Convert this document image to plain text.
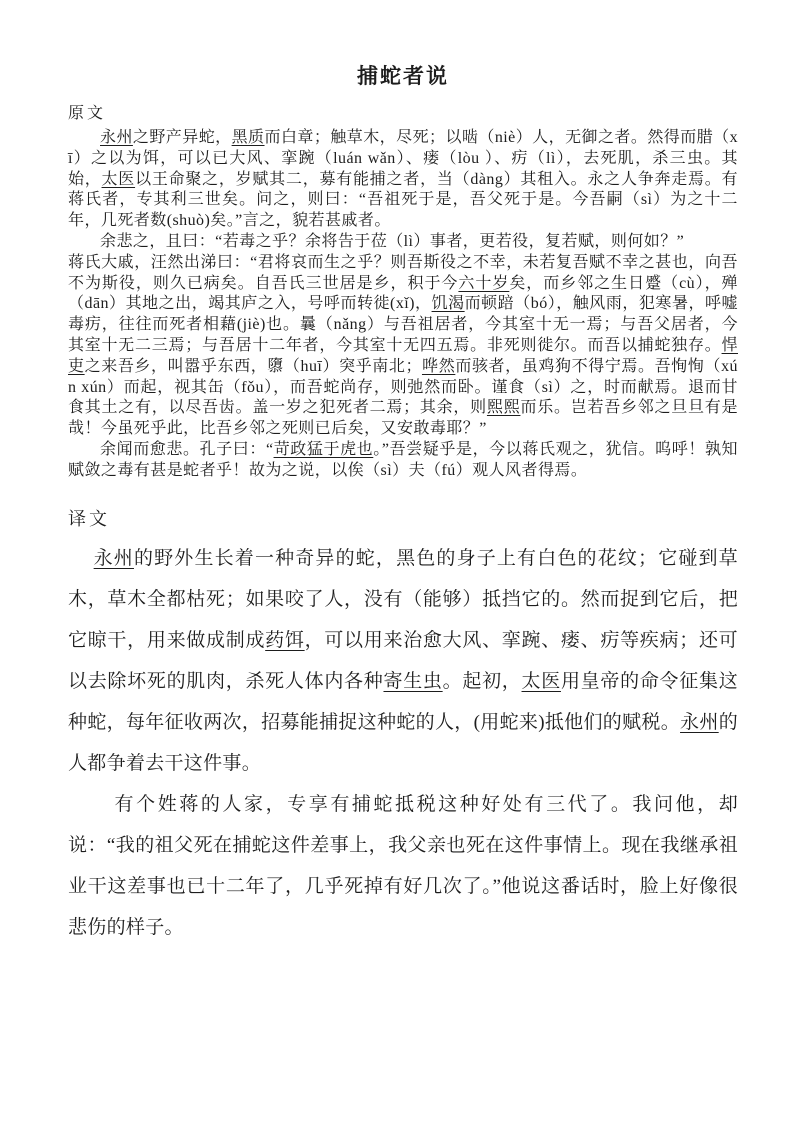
捕蛇者说
原文

永州之野产异蛇，黑质而白章；触草木，尽死；以啮（niè）人，无御之者。然得而腊（xī）之以为饵，可以已大风、挛踠（luán wǎn）、瘘（lòu ）、疠（lì），去死肌，杀三虫。其始，太医以王命聚之，岁赋其二，募有能捕之者，当（dàng）其租入。永之人争奔走焉。有蒋氏者，专其利三世矣。问之，则曰：“吾祖死于是，吾父死于是。今吾嗣（sì）为之十二年，几死者数(shuò)矣。”言之，貌若甚戚者。

余悲之，且曰：“若毒之乎？余将告于莅（lì）事者，更若役，复若赋，则何如？”

蒋氏大戚，汪然出涕曰：“君将哀而生之乎？则吾斯役之不幸，未若复吾赋不幸之甚也，向吾不为斯役，则久已病矣。自吾氏三世居是乡，积于今六十岁矣，而乡邻之生日蹙（cù），殚（dān）其地之出，竭其庐之入，号呼而转徙(xǐ)，饥渴而顿踣（bó），触风雨，犯寒暑，呼嘘毒疠，往往而死者相藉(jiè)也。曩（nǎng）与吾祖居者，今其室十无一焉；与吾父居者，今其室十无二三焉；与吾居十二年者，今其室十无四五焉。非死则徙尔。而吾以捕蛇独存。悍吏之来吾乡，叫嚣乎东西，隳（huī）突乎南北；哗然而骇者，虽鸡狗不得宁焉。吾恂恂（xún xún）而起，视其缶（fǒu），而吾蛇尚存，则弛然而卧。谨食（sì）之，时而献焉。退而甘食其土之有，以尽吾齿。盖一岁之犯死者二焉；其余，则熙熙而乐。岂若吾乡邻之旦旦有是哉！今虽死乎此，比吾乡邻之死则已后矣，又安敢毒耶？”

余闻而愈悲。孔子曰：“苛政猛于虎也。”吾尝疑乎是，今以蒋氏观之，犹信。呜呼！孰知赋敛之毒有甚是蛇者乎！故为之说，以俟（sì）夫（fú）观人风者得焉。

译文

永州的野外生长着一种奇异的蛇，黑色的身子上有白色的花纹；它碰到草木，草木全都枯死；如果咬了人，没有（能够）抵挡它的。然而捉到它后，把它晾干，用来做成制成药饵，可以用来治愈大风、挛踠、瘘、疠等疾病；还可以去除坏死的肌肉，杀死人体内各种寄生虫。起初，太医用皇帝的命令征集这种蛇，每年征收两次，招募能捕捉这种蛇的人，(用蛇来)抵他们的赋税。永州的人都争着去干这件事。

有个姓蒋的人家，专享有捕蛇抵税这种好处有三代了。我问他，却说：“我的祖父死在捕蛇这件差事上，我父亲也死在这件事情上。现在我继承祖业干这差事也已十二年了，几乎死掉有好几次了。”他说这番话时，脸上好像很悲伤的样子。
